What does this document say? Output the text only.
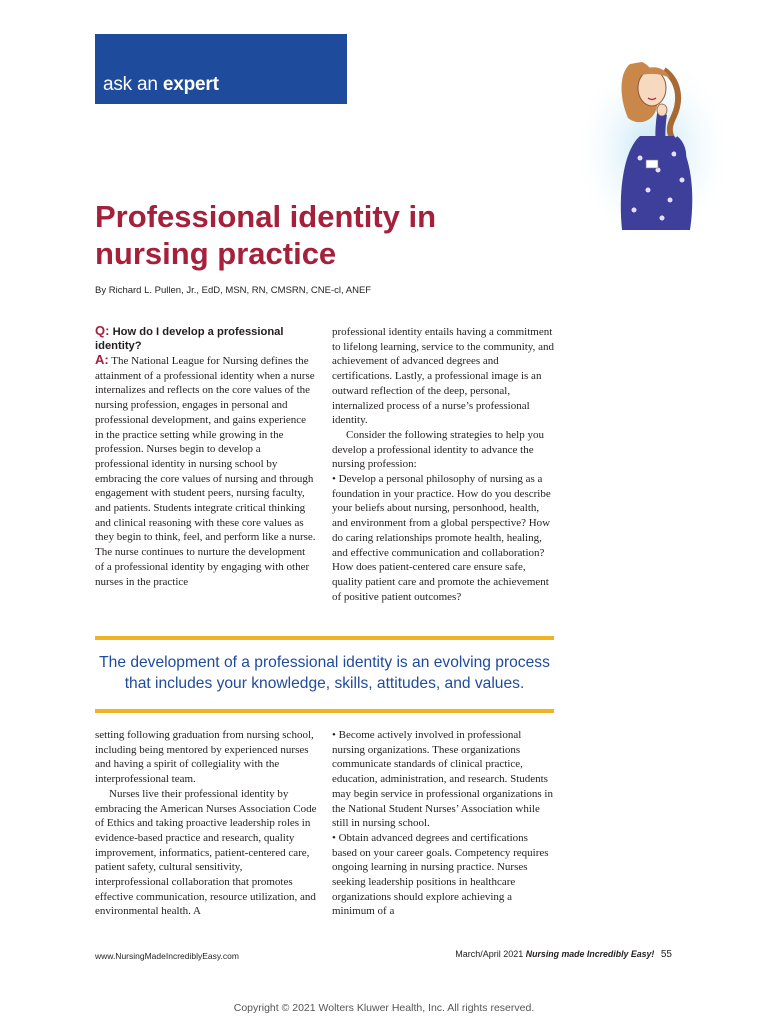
ask an expert
Professional identity in nursing practice
By Richard L. Pullen, Jr., EdD, MSN, RN, CMSRN, CNE-cl, ANEF

Q: How do I develop a professional identity?

A: The National League for Nursing defines the attainment of a professional identity when a nurse internalizes and reflects on the core values of the nursing profession, engages in personal and professional development, and gains experience in the practice setting while growing in the profession. Nurses begin to develop a professional identity in nursing school by embracing the core values of nursing and through engagement with student peers, nursing faculty, and patients. Students integrate critical thinking and clinical reasoning with these core values as they begin to think, feel, and perform like a nurse. The nurse continues to nurture the development of a professional identity by engaging with other nurses in the practice

professional identity entails having a commitment to lifelong learning, service to the community, and achievement of advanced degrees and certifications. Lastly, a professional image is an outward reflection of the deep, personal, internalized process of a nurse’s professional identity.

Consider the following strategies to help you develop a professional identity to advance the nursing profession:

• Develop a personal philosophy of nursing as a foundation in your practice. How do you describe your beliefs about nursing, personhood, health, and environment from a global perspective? How do caring relationships promote health, healing, and effective communication and collaboration? How does patient-centered care ensure safe, quality patient care and promote the achievement of positive patient outcomes?

The development of a professional identity is an evolving process that includes your knowledge, skills, attitudes, and values.

setting following graduation from nursing school, including being mentored by experienced nurses and having a spirit of collegiality with the interprofessional team.

Nurses live their professional identity by embracing the American Nurses Association Code of Ethics and taking proactive leadership roles in evidence-based practice and research, quality improvement, informatics, patient-centered care, patient safety, cultural sensitivity, interprofessional collaboration that promotes effective communication, resource utilization, and environmental health. A

• Become actively involved in professional nursing organizations. These organizations communicate standards of clinical practice, education, administration, and research. Students may begin service in professional organizations in the National Student Nurses’ Association while still in nursing school.

• Obtain advanced degrees and certifications based on your career goals. Competency requires ongoing learning in nursing practice. Nurses seeking leadership positions in healthcare organizations should explore achieving a minimum of a

www.NursingMadeIncrediblyEasy.com	March/April 2021 Nursing made Incredibly Easy! 55
Copyright © 2021 Wolters Kluwer Health, Inc. All rights reserved.
